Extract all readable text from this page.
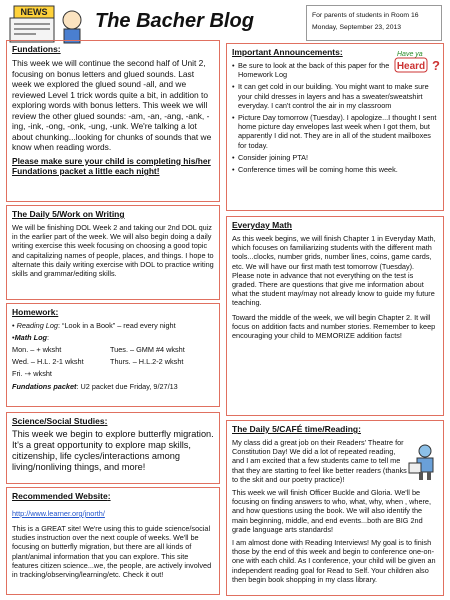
NEWS The Bacher Blog	For parents of students in Room 16
Monday, September 23, 2013
Fundations:

This week we will continue the second half of Unit 2, focusing on bonus letters and glued sounds. Last week we explored the glued sound -all, and we reviewed Level 1 trick words quite a bit, in addition to exploring words with bonus letters. This week we will review the other glued sounds: -am, -an, -ang, -ank, -ing, -ink, -ong, -onk, -ung, -unk. We're talking a lot about chunking...looking for chunks of sounds that we know when reading words.

Please make sure your child is completing his/her Fundations packet a little each night!

The Daily 5/Work on Writing

We will be finishing DOL Week 2 and taking our 2nd DOL quiz in the earlier part of the week. We will also begin doing a daily writing exercise this week focusing on choosing a good topic and capitalizing names of people, places, and things. I hope to alternate this daily writing exercise with DOL to practice writing skills and grammar/editing skills.

Homework:
• Reading Log: “Look in a Book” – read every night
•Math Log:
Mon. – + wksht	Tues. – GMM #4 wksht
Wed. – H.L. 2-1 wksht	Thurs. – H.L.2-2 wksht
Fri. -+ wksht
Fundations packet: U2 packet due Friday, 9/27/13
Science/Social Studies:

This week we begin to explore butterfly migration. It's a great opportunity to explore map skills, citizenship, life cycles/interactions among living/nonliving things, and more!

Recommended Website:
http://www.learner.org/jnorth/

This is a GREAT site! We're using this to guide science/social studies instruction over the next couple of weeks. We'll be focusing on butterfly migration, but there are all kinds of plant/animal information that you can explore. This site features citizen science...we, the people, are actively involved in tracking/observing/learning/etc. Check it out!

Important Announcements:	Have ya
Heard ?
• Be sure to look at the back of this paper for the Homework Log
• It can get cold in our building. You might want to make sure your child dresses in layers and has a sweater/sweatshirt everyday. I can't control the air in my classroom
• Picture Day tomorrow (Tuesday). I apologize...I thought I sent home picture day envelopes last week when I got them, but apparently I did not. They are in all of the student mailboxes for today.
• Consider joining PTA!
• Conference times will be coming home this week.
Everyday Math

As this week begins, we will finish Chapter 1 in Everyday Math, which focuses on familiarizing students with the different math tools...clocks, number grids, number lines, coins, game cards, etc. We will have our first math test tomorrow (Tuesday). Please note in advance that not everything on the test is graded. There are questions that give me information about what the student may/may not already know to guide my future teaching.

Toward the middle of the week, we will begin Chapter 2. It will focus on addition facts and number stories. Remember to keep encouraging your child to MEMORIZE addition facts!

The Daily 5/CAFÉ time/Reading:

My class did a great job on their Readers' Theatre for Constitution Day! We did a lot of repeated reading, and I am excited that a few students came to tell me that they are starting to feel like better readers (thanks to the skit and our poetry practice)!

This week we will finish Officer Buckle and Gloria. We'll be focusing on finding answers to who, what, why, when , where, and how questions using the book. We will also identify the main beginning, middle, and end events...both are BIG 2nd grade language arts standards!

I am almost done with Reading Interviews! My goal is to finish those by the end of this week and begin to conference one-on-one with each child. As I conference, your child will be given an independent reading goal for Read to Self. Your children also then begin book shopping in my class library.
